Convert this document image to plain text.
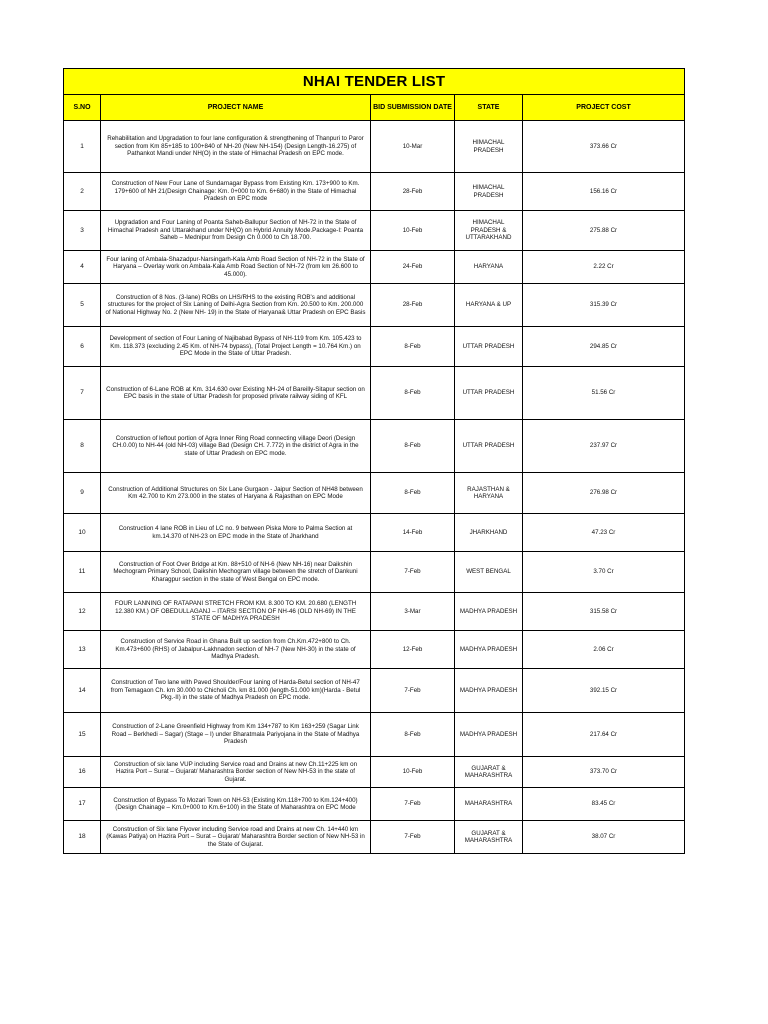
NHAI TENDER LIST				
S.NO	PROJECT NAME	BID SUBMISSION DATE	STATE	PROJECT COST
1	Rehabilitation and Upgradation to four lane configuration & strengthening of Thanpuri to Paror section from Km 85+185 to 100+840 of NH-20 (New NH-154) (Design Length-16.275) of Pathankot Mandi under NH(O) in the state of Himachal Pradesh on EPC mode.	10-Mar	HIMACHAL PRADESH	373.66 Cr
2	Construction of New Four Lane of Sundarnagar Bypass from Existing Km. 173+900 to Km. 179+600 of NH 21(Design Chainage: Km. 0+000 to Km. 6+680) in the State of Himachal Pradesh on EPC mode	28-Feb	HIMACHAL PRADESH	156.16 Cr
3	Upgradation and Four Laning of Poanta Saheb-Ballupur Section of NH-72 in the State of Himachal Pradesh and Uttarakhand under NH(O) on Hybrid Annuity Mode.Package-I: Poanta Saheb – Mednipur from Design Ch 0.000 to Ch 18.700.	10-Feb	HIMACHAL PRADESH & UTTARAKHAND	275.88 Cr
4	Four laning of Ambala-Shazadpur-Narsingarh-Kala Amb Road Section of NH-72 in the State of Haryana – Overlay work on Ambala-Kala Amb Road Section of NH-72 (from km 26.600 to 45.000).	24-Feb	HARYANA	2.22 Cr
5	Construction of 8 Nos. (3-lane) ROBs on LHS/RHS to the existing ROB's and additional structures for the project of Six Laning of Delhi-Agra Section from Km. 20.500 to Km. 200.000 of National Highway No. 2 (New NH- 19) in the State of Haryana& Uttar Pradesh on EPC Basis	28-Feb	HARYANA & UP	315.39 Cr
6	Development of section of Four Laning of Najibabad Bypass of NH-119 from Km. 105.423 to Km. 118.373 (excluding 2.45 Km. of NH-74 bypass), (Total Project Length = 10.764 Km.) on EPC Mode in the State of Uttar Pradesh.	8-Feb	UTTAR PRADESH	294.85 Cr
7	Construction of 6-Lane ROB at Km. 314.630 over Existing NH-24 of Bareilly-Sitapur section on EPC basis in the state of Uttar Pradesh for proposed private railway siding of KFL	8-Feb	UTTAR PRADESH	51.56 Cr
8	Construction of leftout portion of Agra Inner Ring Road connecting village Deori (Design CH.0.00) to NH-44 (old NH-03) village Bad (Design CH. 7.772) in the district of Agra in the state of Uttar Pradesh on EPC mode.	8-Feb	UTTAR PRADESH	237.97 Cr
9	Construction of Additional Structures on Six Lane Gurgaon - Jaipur Section of NH48 between Km 42.700 to Km 273.000 in the states of Haryana & Rajasthan on EPC Mode	8-Feb	RAJASTHAN & HARYANA	276.98 Cr
10	Construction 4 lane ROB in Lieu of LC no. 9 between Piska More to Palma Section at km.14.370 of NH-23 on EPC mode in the State of Jharkhand	14-Feb	JHARKHAND	47.23 Cr
11	Construction of Foot Over Bridge at Km. 88+510 of NH-6 (New NH-16) near Daikshin Mechogram Primary School, Daikshin Mechogram village between the stretch of Dankuni Kharagpur section in the state of West Bengal on EPC mode.	7-Feb	WEST BENGAL	3.70 Cr
12	FOUR LANNING OF RATAPANI STRETCH FROM KM. 8.300 TO KM. 20.680 (LENGTH 12.380 KM.) OF OBEDULLAGANJ – ITARSI SECTION OF NH-46 (OLD NH-69) IN THE STATE OF MADHYA PRADESH	3-Mar	MADHYA PRADESH	315.58 Cr
13	Construction of Service Road in Ghana Built up section from Ch.Km.472+800 to Ch. Km.473+600 (RHS) of Jabalpur-Lakhnadon section of NH-7 (New NH-30) in the state of Madhya Pradesh.	12-Feb	MADHYA PRADESH	2.06 Cr
14	Construction of Two lane with Paved Shoulder/Four laning of Harda-Betul section of NH-47 from Temagaon Ch. km 30.000 to Chicholi Ch. km 81.000 (length-51.000 km)(Harda - Betul Pkg.-II) in the state of Madhya Pradesh on EPC mode.	7-Feb	MADHYA PRADESH	392.15 Cr
15	Construction of 2-Lane Greenfield Highway from Km 134+787 to Km 163+259 (Sagar Link Road – Berkhedi – Sagar) (Stage – I) under Bharatmala Pariyojana in the State of Madhya Pradesh	8-Feb	MADHYA PRADESH	217.64 Cr
16	Construction of six lane VUP including Service road and Drains at new Ch.11+225 km on Hazira Port – Surat – Gujarat/ Maharashtra Border section of New NH-53 in the state of Gujarat.	10-Feb	GUJARAT & MAHARASHTRA	373.70 Cr
17	Construction of Bypass To Mozari Town on NH-53 (Existing Km.118+700 to Km.124+400) (Design Chainage – Km.0+000 to Km.6+100) in the State of Maharashtra on EPC Mode	7-Feb	MAHARASHTRA	83.45 Cr
18	Construction of Six lane Flyover including Service road and Drains at new Ch. 14+440 km (Kawas Patiya) on Hazira Port – Surat – Gujarat/ Maharashtra Border section of New NH-53 in the State of Gujarat.	7-Feb	GUJARAT & MAHARASHTRA	38.07 Cr
